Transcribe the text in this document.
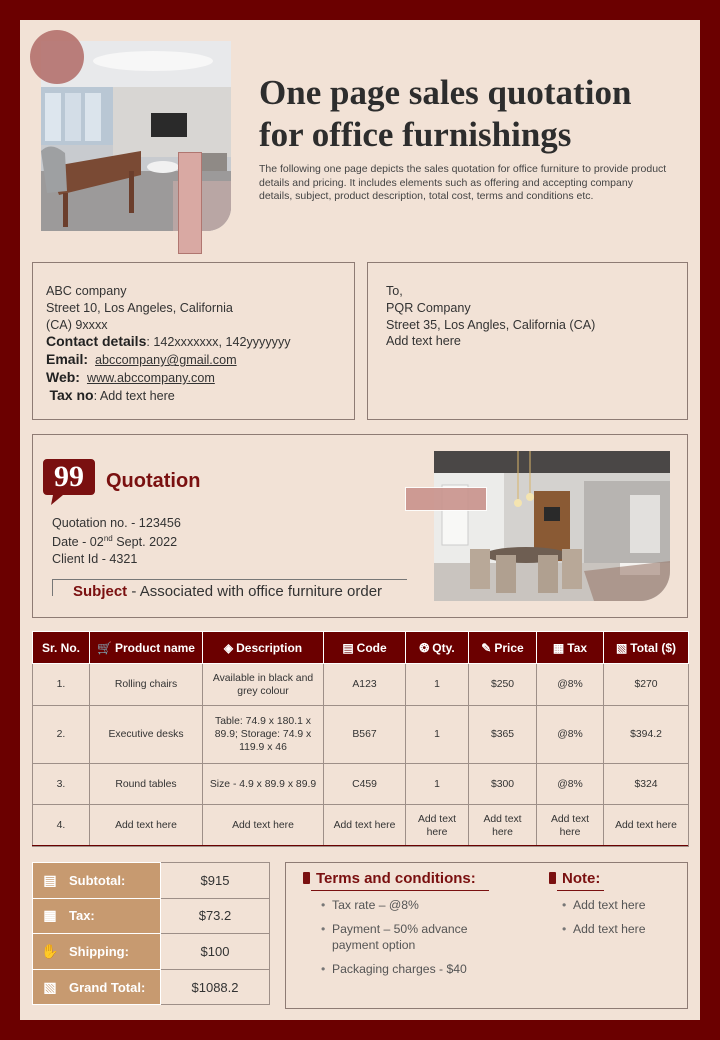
One page sales quotation
for office furnishings
The following one page depicts the sales quotation for office furniture to provide product details and pricing. It includes elements such as offering and accepting company details, subject, product description, total cost, terms and conditions etc.
ABC company
Street 10, Los Angeles, California
(CA) 9xxxx
Contact details: 142xxxxxxx, 142yyyyyyy
Email: abccompany@gmail.com
Web: www.abccompany.com
Tax no: Add text here
To,
PQR Company
Street 35, Los Angles, California (CA)
Add text here
99 Quotation
Quotation no. - 123456
Date - 02nd Sept. 2022
Client Id - 4321
Subject - Associated with office furniture order
Sr. No.	🛒 Product name	◈ Description	▤ Code	❂ Qty.	✎ Price	▦ Tax	▧ Total ($)
1.	Rolling chairs	Available in black and grey colour	A123	1	$250	@8%	$270
2.	Executive desks	Table: 74.9 x 180.1 x 89.9; Storage: 74.9 x 119.9 x 46	B567	1	$365	@8%	$394.2
3.	Round tables	Size - 4.9 x 89.9 x 89.9	C459	1	$300	@8%	$324
4.	Add text here	Add text here	Add text here	Add text here	Add text here	Add text here	Add text here
▤ Subtotal:	$915
▦ Tax:	$73.2
✋ Shipping:	$100
▧ Grand Total:	$1088.2
Terms and conditions:
• Tax rate – @8%
• Payment – 50% advance payment option
• Packaging charges - $40
Note:
• Add text here
• Add text here
